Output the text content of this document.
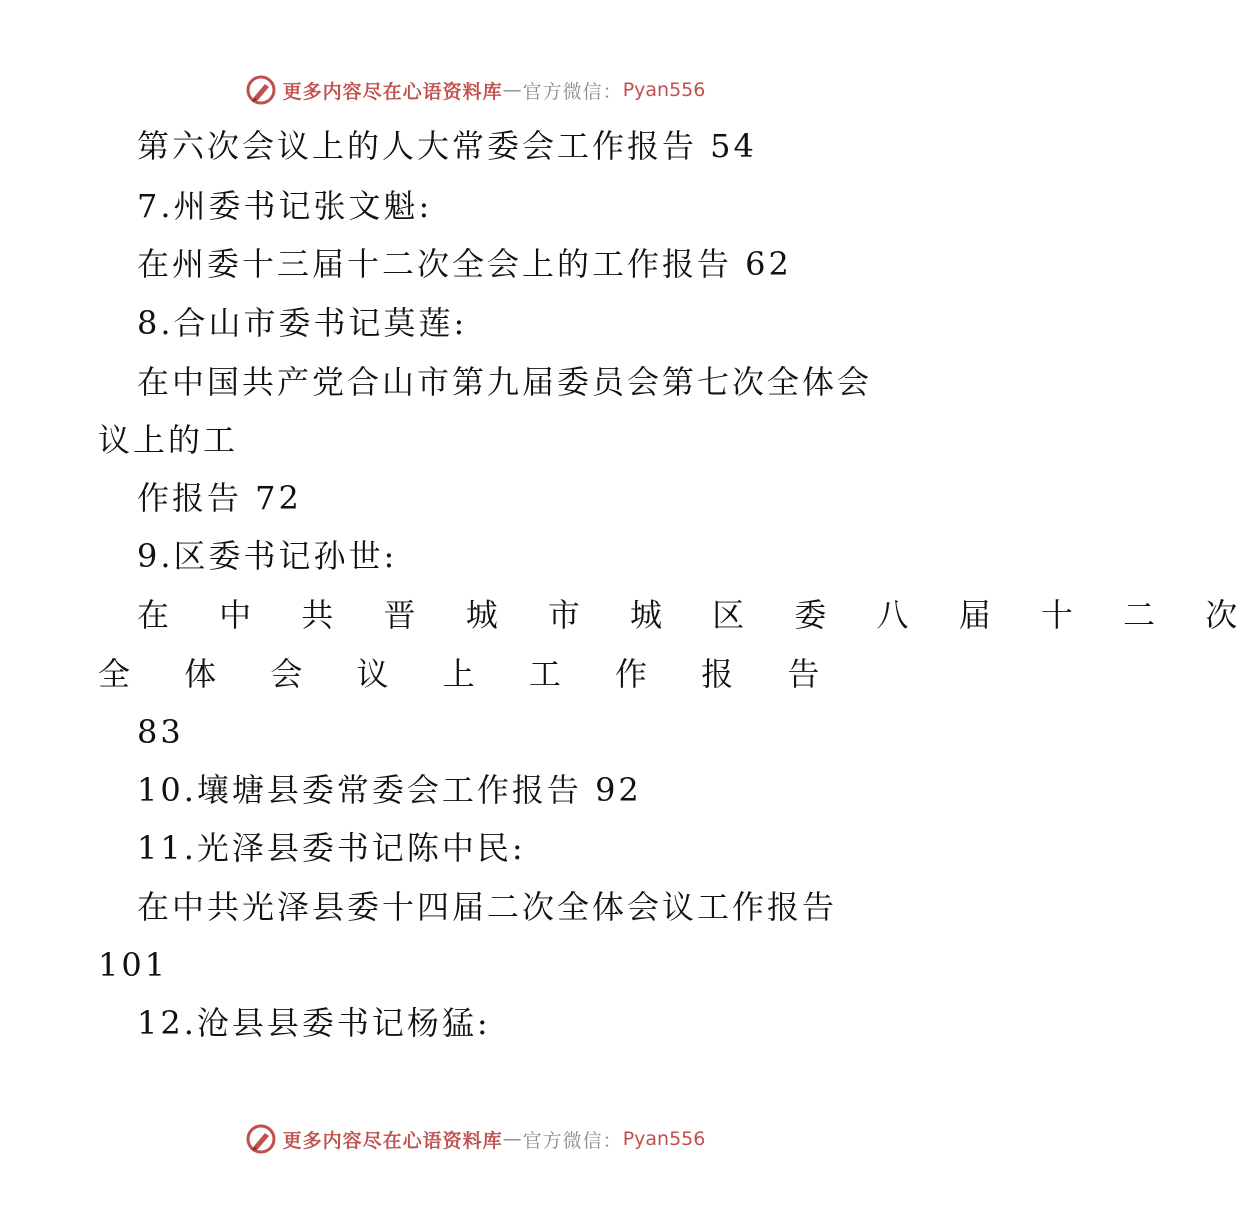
更多内容尽在心语资料库 — 官方微信： Pyan556
第六次会议上的人大常委会工作报告 54
7.州委书记张文魁:
在州委十三届十二次全会上的工作报告 62
8.合山市委书记莫莲:
在中国共产党合山市第九届委员会第七次全体会
议上的工
作报告 72
9.区委书记孙世:
在 中 共 晋 城 市 城 区 委 八 届 十 二 次
全 体 会 议 上 工 作 报 告
83
10.壤塘县委常委会工作报告 92
11.光泽县委书记陈中民:
在中共光泽县委十四届二次全体会议工作报告
101
12.沧县县委书记杨猛:
更多内容尽在心语资料库 — 官方微信： Pyan556
